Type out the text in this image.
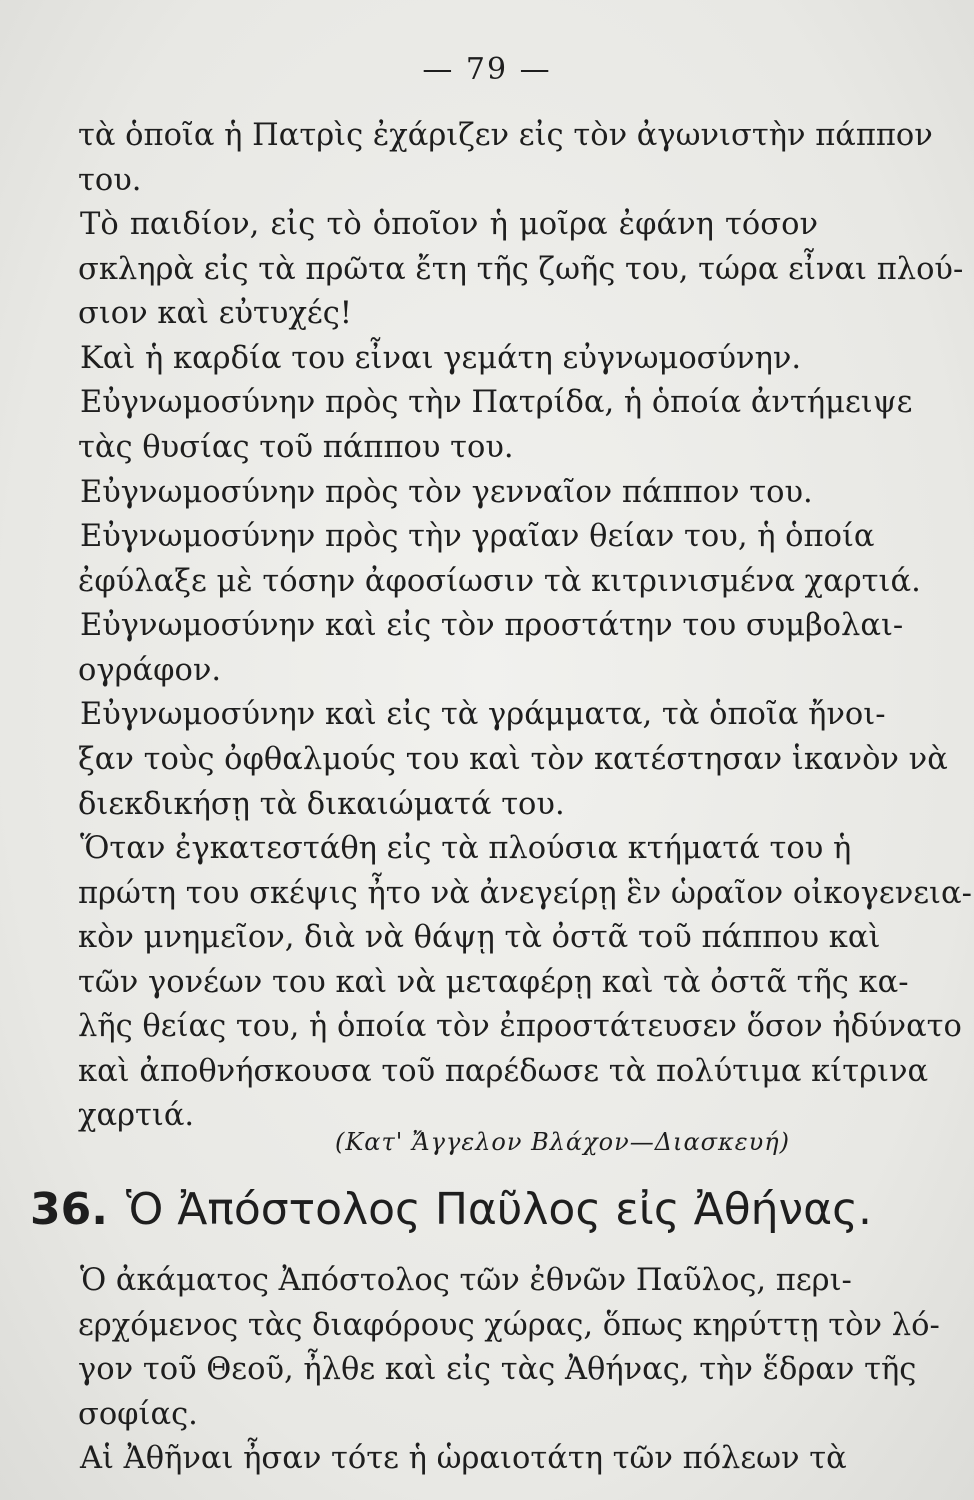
— 79 —
τὰ ὁποῖα ἡ Πατρὶς ἐχάριζεν εἰς τὸν ἀγωνιστὴν πάππον
του.
Τὸ παιδίον, εἰς τὸ ὁποῖον ἡ μοῖρα ἐφάνη τόσον
σκληρὰ εἰς τὰ πρῶτα ἔτη τῆς ζωῆς του, τώρα εἶναι πλού-
σιον καὶ εὐτυχές!
Καὶ ἡ καρδία του εἶναι γεμάτη εὐγνωμοσύνην.
Εὐγνωμοσύνην πρὸς τὴν Πατρίδα, ἡ ὁποία ἀντήμειψε
τὰς θυσίας τοῦ πάππου του.
Εὐγνωμοσύνην πρὸς τὸν γενναῖον πάππον του.
Εὐγνωμοσύνην πρὸς τὴν γραῖαν θείαν του, ἡ ὁποία
ἐφύλαξε μὲ τόσην ἀφοσίωσιν τὰ κιτρινισμένα χαρτιά.
Εὐγνωμοσύνην καὶ εἰς τὸν προστάτην του συμβολαι-
ογράφον.
Εὐγνωμοσύνην καὶ εἰς τὰ γράμματα, τὰ ὁποῖα ἤνοι-
ξαν τοὺς ὀφθαλμούς του καὶ τὸν κατέστησαν ἱκανὸν νὰ
διεκδικήσῃ τὰ δικαιώματά του.
Ὅταν ἐγκατεστάθη εἰς τὰ πλούσια κτήματά του ἡ
πρώτη του σκέψις ἦτο νὰ ἀνεγείρῃ ἓν ὡραῖον οἰκογενεια-
κὸν μνημεῖον, διὰ νὰ θάψῃ τὰ ὀστᾶ τοῦ πάππου καὶ
τῶν γονέων του καὶ νὰ μεταφέρῃ καὶ τὰ ὀστᾶ τῆς κα-
λῆς θείας του, ἡ ὁποία τὸν ἐπροστάτευσεν ὅσον ἠδύνατο
καὶ ἀποθνήσκουσα τοῦ παρέδωσε τὰ πολύτιμα κίτρινα
χαρτιά.
(Κατ' Ἄγγελον Βλάχον—Διασκευή)
36. Ὁ Ἀπόστολος Παῦλος εἰς Ἀθήνας.
Ὁ ἀκάματος Ἀπόστολος τῶν ἐθνῶν Παῦλος, περι-
ερχόμενος τὰς διαφόρους χώρας, ὅπως κηρύττῃ τὸν λό-
γον τοῦ Θεοῦ, ἦλθε καὶ εἰς τὰς Ἀθήνας, τὴν ἕδραν τῆς
σοφίας.
Αἱ Ἀθῆναι ἦσαν τότε ἡ ὡραιοτάτη τῶν πόλεων τὰ
